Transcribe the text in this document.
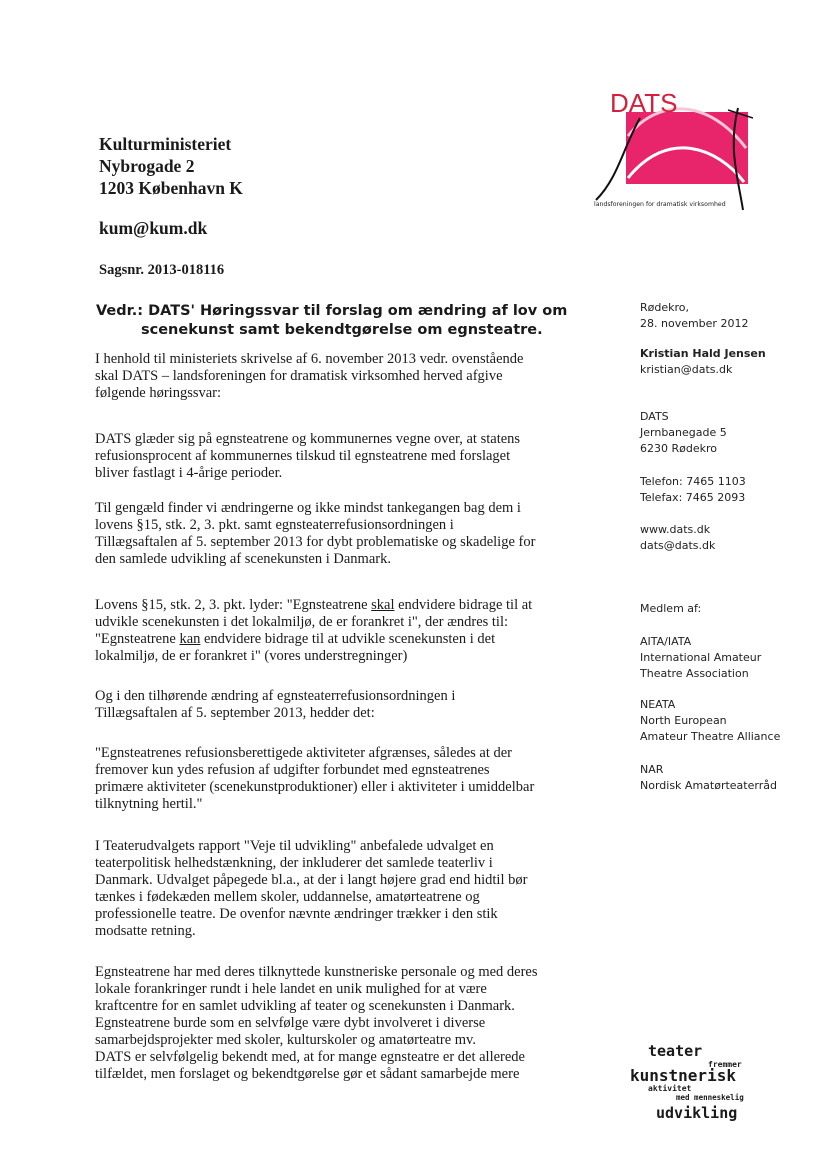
DATS
landsforeningen for dramatisk virksomhed
Kulturministeriet
Nybrogade 2
1203 København K
kum@kum.dk
Sagsnr. 2013-018116
Vedr.: DATS' Høringssvar til forslag om ændring af lov om
scenekunst samt bekendtgørelse om egnsteatre.
I henhold til ministeriets skrivelse af 6. november 2013 vedr. ovenstående
skal DATS – landsforeningen for dramatisk virksomhed herved afgive
følgende høringssvar:
DATS glæder sig på egnsteatrene og kommunernes vegne over, at statens
refusionsprocent af kommunernes tilskud til egnsteatrene med forslaget
bliver fastlagt i 4-årige perioder.
Til gengæld finder vi ændringerne og ikke mindst tankegangen bag dem i
lovens §15, stk. 2, 3. pkt. samt egnsteaterrefusionsordningen i
Tillægsaftalen af 5. september 2013 for dybt problematiske og skadelige for
den samlede udvikling af scenekunsten i Danmark.
Lovens §15, stk. 2, 3. pkt. lyder: "Egnsteatrene skal endvidere bidrage til at
udvikle scenekunsten i det lokalmiljø, de er forankret i", der ændres til:
"Egnsteatrene kan endvidere bidrage til at udvikle scenekunsten i det
lokalmiljø, de er forankret i" (vores understregninger)
Og i den tilhørende ændring af egnsteaterrefusionsordningen i
Tillægsaftalen af 5. september 2013, hedder det:
"Egnsteatrenes refusionsberettigede aktiviteter afgrænses, således at der
fremover kun ydes refusion af udgifter forbundet med egnsteatrenes
primære aktiviteter (scenekunstproduktioner) eller i aktiviteter i umiddelbar
tilknytning hertil."
I Teaterudvalgets rapport "Veje til udvikling" anbefalede udvalget en
teaterpolitisk helhedstænkning, der inkluderer det samlede teaterliv i
Danmark. Udvalget påpegede bl.a., at der i langt højere grad end hidtil bør
tænkes i fødekæden mellem skoler, uddannelse, amatørteatrene og
professionelle teatre. De ovenfor nævnte ændringer trækker i den stik
modsatte retning.
Egnsteatrene har med deres tilknyttede kunstneriske personale og med deres
lokale forankringer rundt i hele landet en unik mulighed for at være
kraftcentre for en samlet udvikling af teater og scenekunsten i Danmark.
Egnsteatrene burde som en selvfølge være dybt involveret i diverse
samarbejdsprojekter med skoler, kulturskoler og amatørteatre mv.
DATS er selvfølgelig bekendt med, at for mange egnsteatre er det allerede
tilfældet, men forslaget og bekendtgørelse gør et sådant samarbejde mere
Rødekro,
28. november 2012
Kristian Hald Jensen
kristian@dats.dk
DATS
Jernbanegade 5
6230 Rødekro
Telefon: 7465 1103
Telefax: 7465 2093
www.dats.dk
dats@dats.dk
Medlem af:
AITA/IATA
International Amateur
Theatre Association
NEATA
North European
Amateur Theatre Alliance
NAR
Nordisk Amatørteaterråd
teater
fremmer
kunstnerisk
aktivitet
med menneskelig
udvikling
